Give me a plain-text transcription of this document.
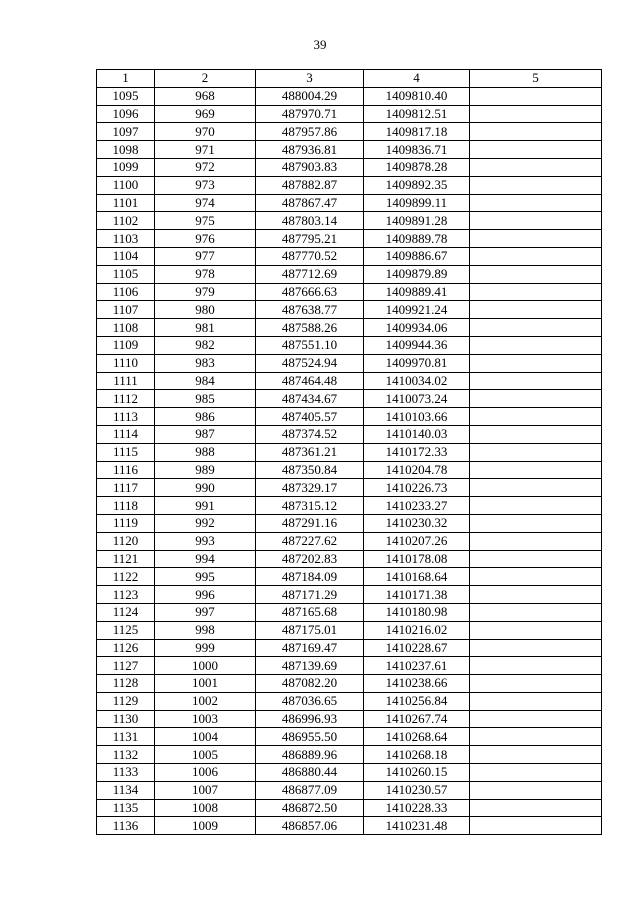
39
1	2	3	4	5
1095	968	488004.29	1409810.40	
1096	969	487970.71	1409812.51	
1097	970	487957.86	1409817.18	
1098	971	487936.81	1409836.71	
1099	972	487903.83	1409878.28	
1100	973	487882.87	1409892.35	
1101	974	487867.47	1409899.11	
1102	975	487803.14	1409891.28	
1103	976	487795.21	1409889.78	
1104	977	487770.52	1409886.67	
1105	978	487712.69	1409879.89	
1106	979	487666.63	1409889.41	
1107	980	487638.77	1409921.24	
1108	981	487588.26	1409934.06	
1109	982	487551.10	1409944.36	
1110	983	487524.94	1409970.81	
1111	984	487464.48	1410034.02	
1112	985	487434.67	1410073.24	
1113	986	487405.57	1410103.66	
1114	987	487374.52	1410140.03	
1115	988	487361.21	1410172.33	
1116	989	487350.84	1410204.78	
1117	990	487329.17	1410226.73	
1118	991	487315.12	1410233.27	
1119	992	487291.16	1410230.32	
1120	993	487227.62	1410207.26	
1121	994	487202.83	1410178.08	
1122	995	487184.09	1410168.64	
1123	996	487171.29	1410171.38	
1124	997	487165.68	1410180.98	
1125	998	487175.01	1410216.02	
1126	999	487169.47	1410228.67	
1127	1000	487139.69	1410237.61	
1128	1001	487082.20	1410238.66	
1129	1002	487036.65	1410256.84	
1130	1003	486996.93	1410267.74	
1131	1004	486955.50	1410268.64	
1132	1005	486889.96	1410268.18	
1133	1006	486880.44	1410260.15	
1134	1007	486877.09	1410230.57	
1135	1008	486872.50	1410228.33	
1136	1009	486857.06	1410231.48	
